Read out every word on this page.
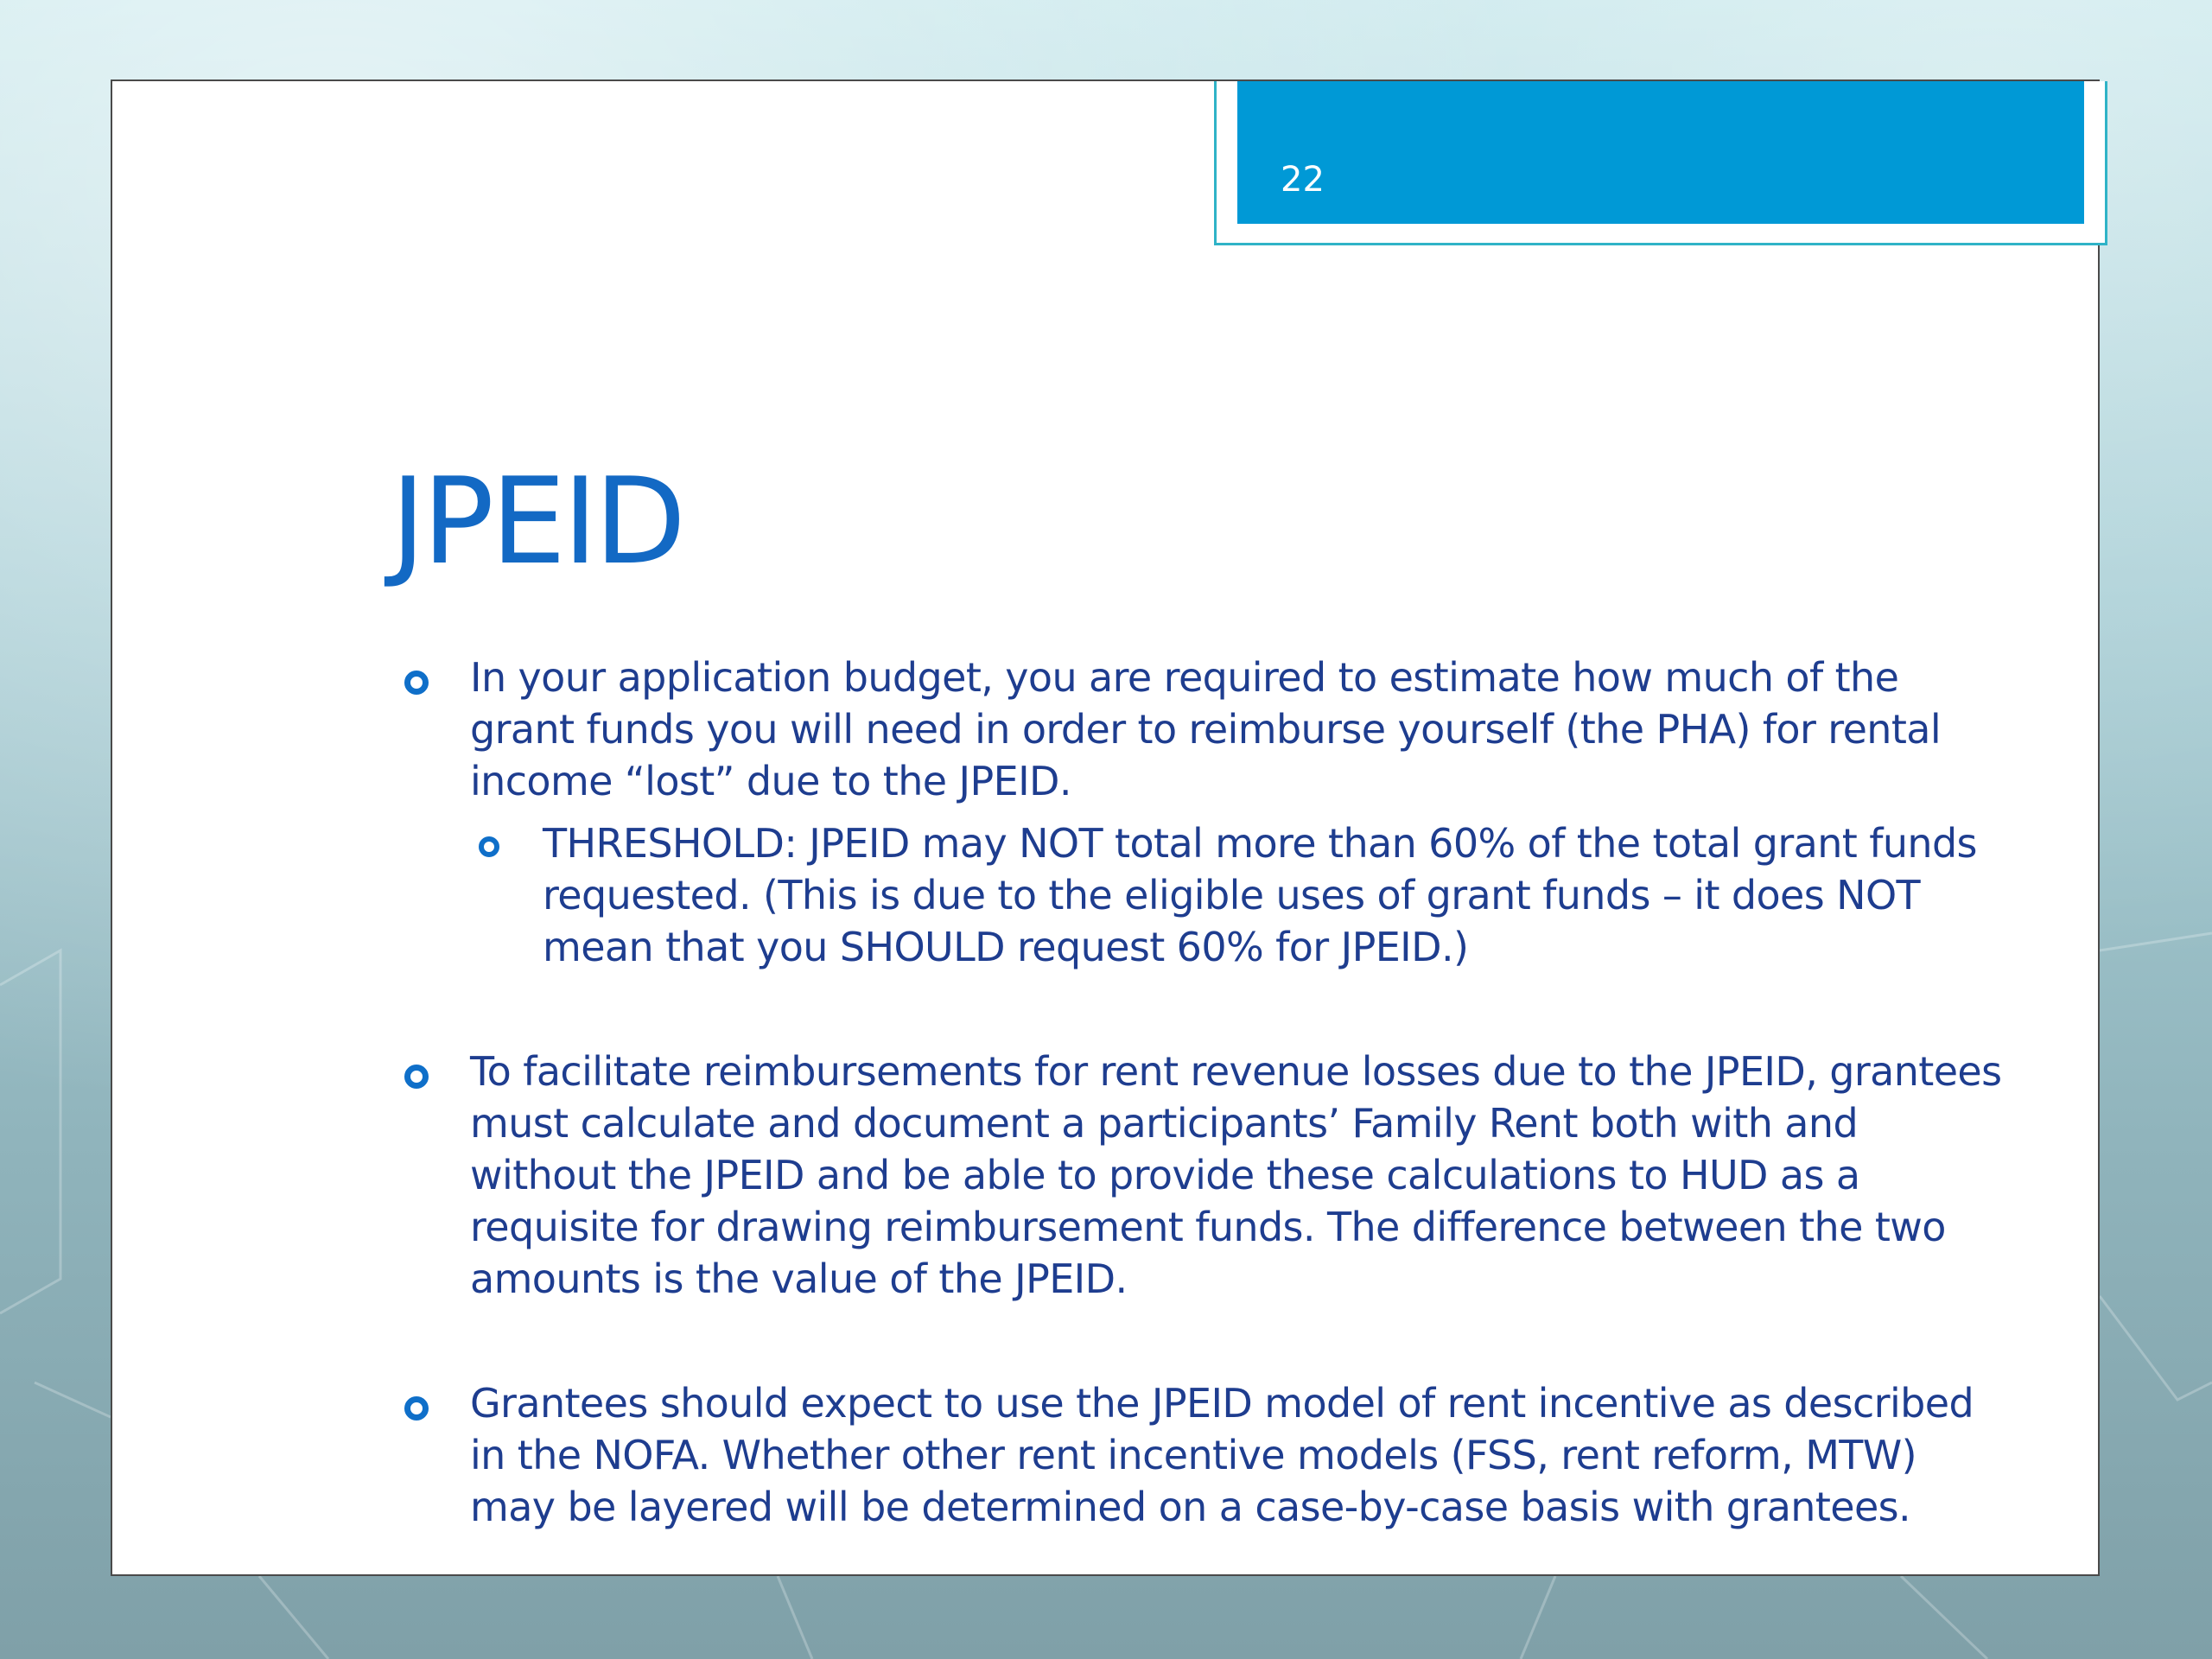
22
JPEID
In your application budget, you are required to estimate how much of the grant funds you will need in order to reimburse yourself (the PHA) for rental income “lost” due to the JPEID.
THRESHOLD: JPEID may NOT total more than 60% of the total grant funds requested. (This is due to the eligible uses of grant funds – it does NOT mean that you SHOULD request 60% for JPEID.)
To facilitate reimbursements for rent revenue losses due to the JPEID, grantees must calculate and document a participants’ Family Rent both with and without the JPEID and be able to provide these calculations to HUD as a requisite for drawing reimbursement funds. The difference between the two amounts is the value of the JPEID.
Grantees should expect to use the JPEID model of rent incentive as described in the NOFA. Whether other rent incentive models (FSS, rent reform, MTW) may be layered will be determined on a case-by-case basis with grantees.
